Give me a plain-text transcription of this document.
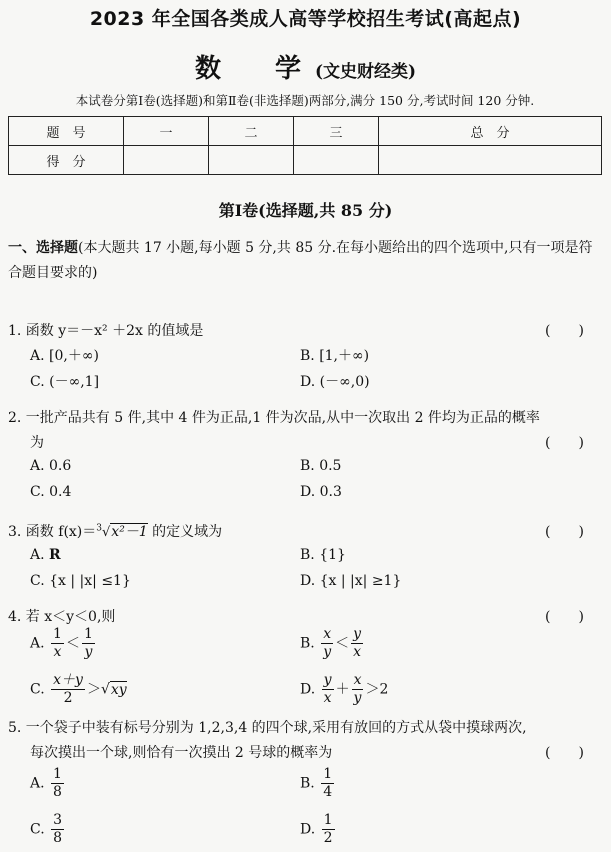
2023 年全国各类成人高等学校招生考试(高起点)
数　学(文史财经类)
本试卷分第Ⅰ卷(选择题)和第Ⅱ卷(非选择题)两部分,满分 150 分,考试时间 120 分钟.
题　号	一	二	三	总　分
得　分				
第Ⅰ卷(选择题,共 85 分)
一、选择题(本大题共 17 小题,每小题 5 分,共 85 分.在每小题给出的四个选项中,只有一项是符合题目要求的)
1. 函数 y＝－x² ＋2x 的值域是	(　　)
A. [0,＋∞)	B. [1,＋∞)
C. (－∞,1]	D. (－∞,0)
2. 一批产品共有 5 件,其中 4 件为正品,1 件为次品,从中一次取出 2 件均为正品的概率
为	(　　)
A. 0.6	B. 0.5
C. 0.4	D. 0.3
3. 函数 f(x)＝$^3$√x²－1 的定义域为	(　　)
A. R	B. {1}
C. {x | |x| ≤1}	D. {x | |x| ≥1}
4. 若 x＜y＜0,则	(　　)
A. $\frac{1}{x} < \frac{1}{y}$	B. $\frac{x}{y} < \frac{y}{x}$
C. $\frac{x+y}{2} >√xy$	D. $\frac{y}{x} + \frac{x}{y} >2$
5. 一个袋子中装有标号分别为 1,2,3,4 的四个球,采用有放回的方式从袋中摸球两次,
每次摸出一个球,则恰有一次摸出 2 号球的概率为	(　　)
A. $\frac{1}{8}$	B. $\frac{1}{4}$
C. $\frac{3}{8}$	D. $\frac{1}{2}$
